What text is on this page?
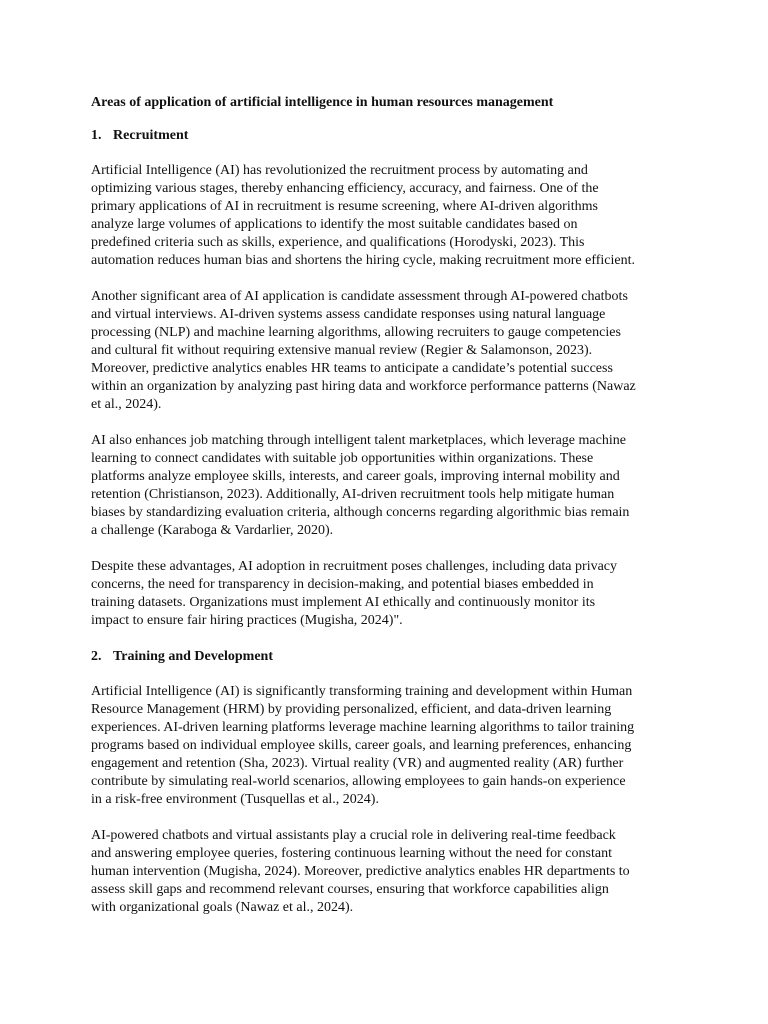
Areas of application of artificial intelligence in human resources management
1. Recruitment
Artificial Intelligence (AI) has revolutionized the recruitment process by automating and
optimizing various stages, thereby enhancing efficiency, accuracy, and fairness. One of the
primary applications of AI in recruitment is resume screening, where AI-driven algorithms
analyze large volumes of applications to identify the most suitable candidates based on
predefined criteria such as skills, experience, and qualifications (Horodyski, 2023). This
automation reduces human bias and shortens the hiring cycle, making recruitment more efficient.
Another significant area of AI application is candidate assessment through AI-powered chatbots
and virtual interviews. AI-driven systems assess candidate responses using natural language
processing (NLP) and machine learning algorithms, allowing recruiters to gauge competencies
and cultural fit without requiring extensive manual review (Regier & Salamonson, 2023).
Moreover, predictive analytics enables HR teams to anticipate a candidate’s potential success
within an organization by analyzing past hiring data and workforce performance patterns (Nawaz
et al., 2024).
AI also enhances job matching through intelligent talent marketplaces, which leverage machine
learning to connect candidates with suitable job opportunities within organizations. These
platforms analyze employee skills, interests, and career goals, improving internal mobility and
retention (Christianson, 2023). Additionally, AI-driven recruitment tools help mitigate human
biases by standardizing evaluation criteria, although concerns regarding algorithmic bias remain
a challenge (Karaboga & Vardarlier, 2020).
Despite these advantages, AI adoption in recruitment poses challenges, including data privacy
concerns, the need for transparency in decision-making, and potential biases embedded in
training datasets. Organizations must implement AI ethically and continuously monitor its
impact to ensure fair hiring practices (Mugisha, 2024)".
2. Training and Development
Artificial Intelligence (AI) is significantly transforming training and development within Human
Resource Management (HRM) by providing personalized, efficient, and data-driven learning
experiences. AI-driven learning platforms leverage machine learning algorithms to tailor training
programs based on individual employee skills, career goals, and learning preferences, enhancing
engagement and retention (Sha, 2023). Virtual reality (VR) and augmented reality (AR) further
contribute by simulating real-world scenarios, allowing employees to gain hands-on experience
in a risk-free environment (Tusquellas et al., 2024).
AI-powered chatbots and virtual assistants play a crucial role in delivering real-time feedback
and answering employee queries, fostering continuous learning without the need for constant
human intervention (Mugisha, 2024). Moreover, predictive analytics enables HR departments to
assess skill gaps and recommend relevant courses, ensuring that workforce capabilities align
with organizational goals (Nawaz et al., 2024).
